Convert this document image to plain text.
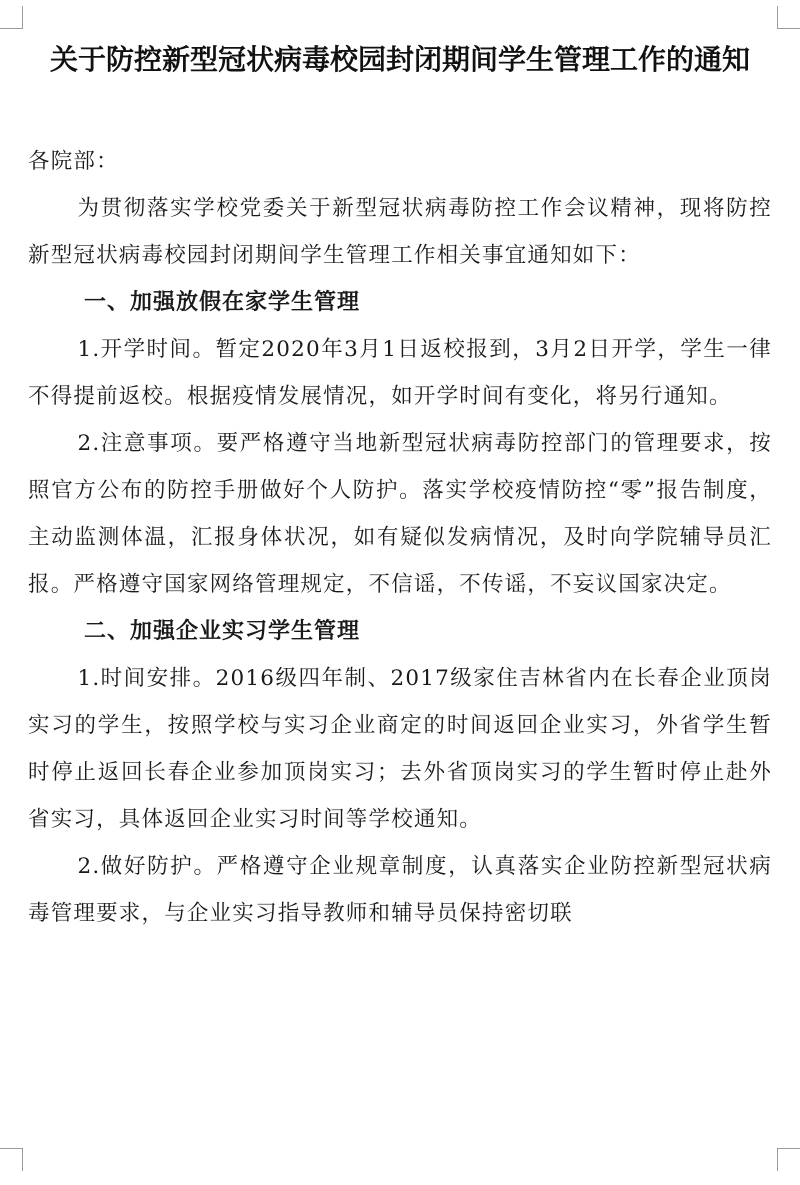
关于防控新型冠状病毒校园封闭期间学生管理工作的通知

各院部：

为贯彻落实学校党委关于新型冠状病毒防控工作会议精神，现将防控新型冠状病毒校园封闭期间学生管理工作相关事宜通知如下：

一、加强放假在家学生管理

1.开学时间。暂定2020年3月1日返校报到，3月2日开学，学生一律不得提前返校。根据疫情发展情况，如开学时间有变化，将另行通知。

2.注意事项。要严格遵守当地新型冠状病毒防控部门的管理要求，按照官方公布的防控手册做好个人防护。落实学校疫情防控“零”报告制度，主动监测体温，汇报身体状况，如有疑似发病情况，及时向学院辅导员汇报。严格遵守国家网络管理规定，不信谣，不传谣，不妄议国家决定。

二、加强企业实习学生管理

1.时间安排。2016级四年制、2017级家住吉林省内在长春企业顶岗实习的学生，按照学校与实习企业商定的时间返回企业实习，外省学生暂时停止返回长春企业参加顶岗实习；去外省顶岗实习的学生暂时停止赴外省实习，具体返回企业实习时间等学校通知。

2.做好防护。严格遵守企业规章制度，认真落实企业防控新型冠状病毒管理要求，与企业实习指导教师和辅导员保持密切联
